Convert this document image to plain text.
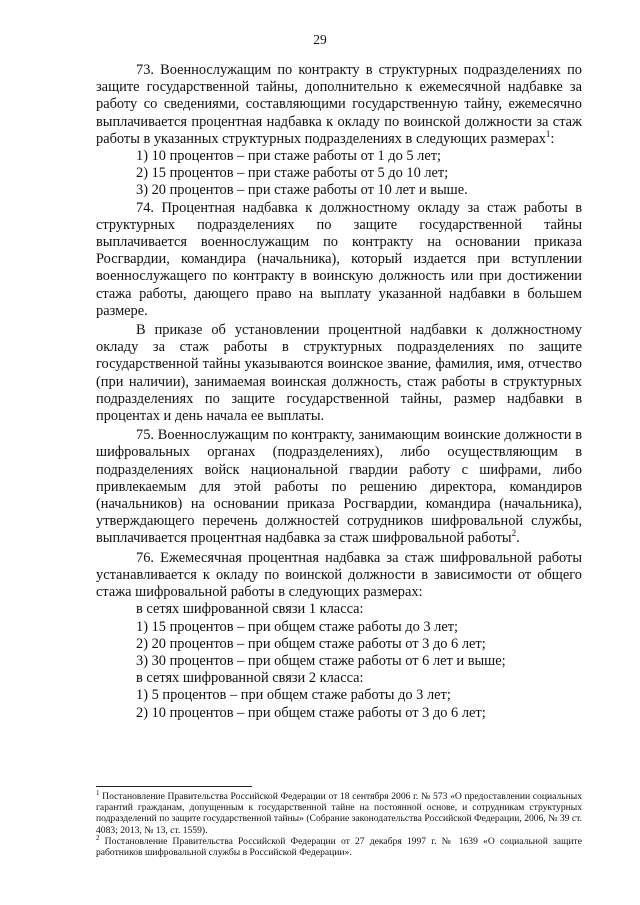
29

73. Военнослужащим по контракту в структурных подразделениях по защите государственной тайны, дополнительно к ежемесячной надбавке за работу со сведениями, составляющими государственную тайну, ежемесячно выплачивается процентная надбавка к окладу по воинской должности за стаж работы в указанных структурных подразделениях в следующих размерах$^1$:

1) 10 процентов – при стаже работы от 1 до 5 лет;

2) 15 процентов – при стаже работы от 5 до 10 лет;

3) 20 процентов – при стаже работы от 10 лет и выше.

74. Процентная надбавка к должностному окладу за стаж работы в структурных подразделениях по защите государственной тайны выплачивается военнослужащим по контракту на основании приказа Росгвардии, командира (начальника), который издается при вступлении военнослужащего по контракту в воинскую должность или при достижении стажа работы, дающего право на выплату указанной надбавки в большем размере.

В приказе об установлении процентной надбавки к должностному окладу за стаж работы в структурных подразделениях по защите государственной тайны указываются воинское звание, фамилия, имя, отчество (при наличии), занимаемая воинская должность, стаж работы в структурных подразделениях по защите государственной тайны, размер надбавки в процентах и день начала ее выплаты.

75. Военнослужащим по контракту, занимающим воинские должности в шифровальных органах (подразделениях), либо осуществляющим в подразделениях войск национальной гвардии работу с шифрами, либо привлекаемым для этой работы по решению директора, командиров (начальников) на основании приказа Росгвардии, командира (начальника), утверждающего перечень должностей сотрудников шифровальной службы, выплачивается процентная надбавка за стаж шифровальной работы$^2$.

76. Ежемесячная процентная надбавка за стаж шифровальной работы устанавливается к окладу по воинской должности в зависимости от общего стажа шифровальной работы в следующих размерах:

в сетях шифрованной связи 1 класса:

1) 15 процентов – при общем стаже работы до 3 лет;

2) 20 процентов – при общем стаже работы от 3 до 6 лет;

3) 30 процентов – при общем стаже работы от 6 лет и выше;

в сетях шифрованной связи 2 класса:

1) 5 процентов – при общем стаже работы до 3 лет;

2) 10 процентов – при общем стаже работы от 3 до 6 лет;

$^1$ Постановление Правительства Российской Федерации от 18 сентября 2006 г. № 573 «О предоставлении социальных гарантий гражданам, допущенным к государственной тайне на постоянной основе, и сотрудникам структурных подразделений по защите государственной тайны» (Собрание законодательства Российской Федерации, 2006, № 39 ст. 4083; 2013, № 13, ст. 1559).

$^2$ Постановление Правительства Российской Федерации от 27 декабря 1997 г. № 1639 «О социальной защите работников шифровальной службы в Российской Федерации».
